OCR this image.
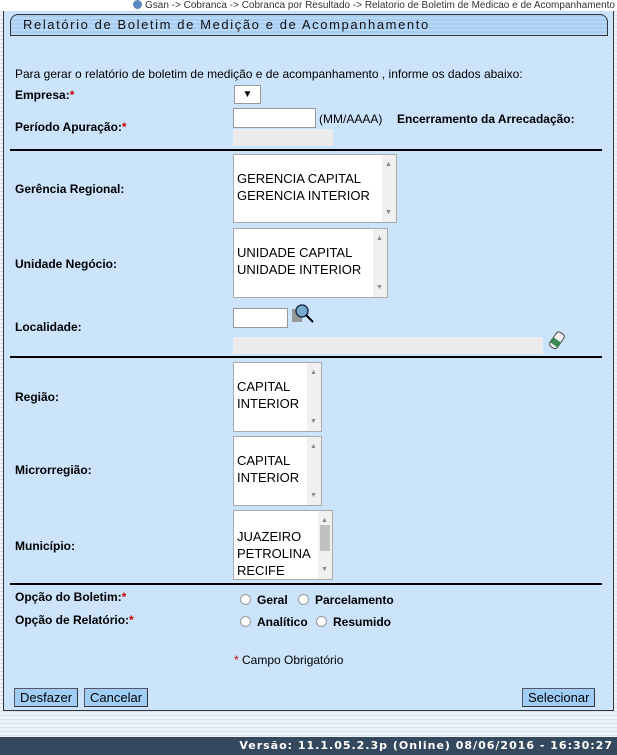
Gsan -> Cobranca -> Cobranca por Resultado -> Relatorio de Boletim de Medicao e de Acompanhamento
Relatório de Boletim de Medição e de Acompanhamento
Para gerar o relatório de boletim de medição e de acompanhamento , informe os dados abaixo:
Empresa:*	▼
Período Apuração:*
(MM/AAAA) Encerramento da Arrecadação:
Gerência Regional:
GERENCIA CAPITAL
GERENCIA INTERIOR
▲ ▼
Unidade Negócio:
UNIDADE CAPITAL
UNIDADE INTERIOR
▲ ▼
Localidade:
Região:
CAPITAL
INTERIOR
▲ ▼
Microrregião:
CAPITAL
INTERIOR
▲ ▼
Município:
JUAZEIRO
PETROLINA
RECIFE
▲
▼
Opção do Boletim:*	Geral	Parcelamento
Opção de Relatório:*	Analítico	Resumido
* Campo Obrigatório
Desfazer	Cancelar	Selecionar
Versão: 11.1.05.2.3p (Online) 08/06/2016 - 16:30:27
